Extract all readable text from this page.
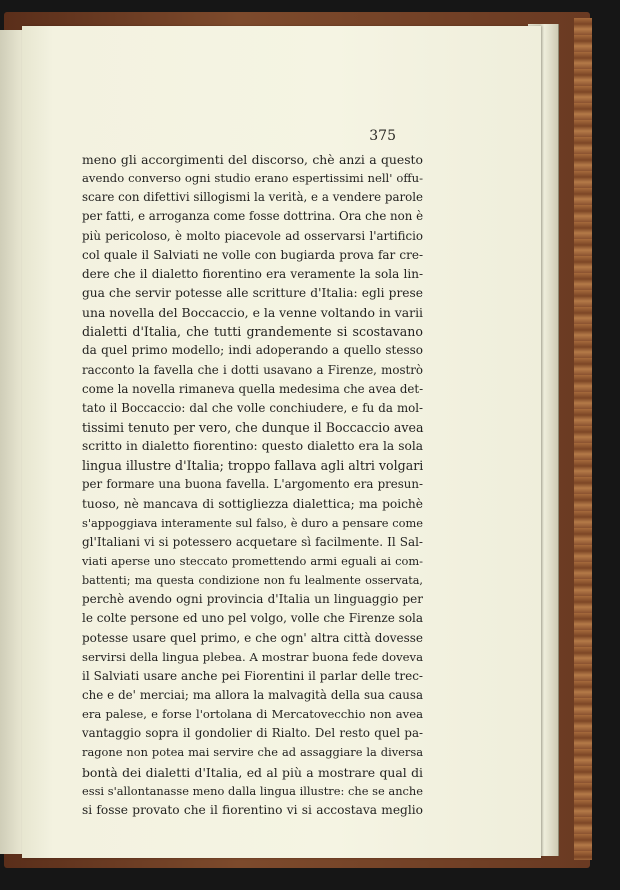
375
meno gli accorgimenti del discorso, chè anzi a questo
avendo converso ogni studio erano espertissimi nell' offu-
scare con difettivi sillogismi la verità, e a vendere parole
per fatti, e arroganza come fosse dottrina. Ora che non è
più pericoloso, è molto piacevole ad osservarsi l'artificio
col quale il Salviati ne volle con bugiarda prova far cre-
dere che il dialetto fiorentino era veramente la sola lin-
gua che servir potesse alle scritture d'Italia: egli prese
una novella del Boccaccio, e la venne voltando in varii
dialetti d'Italia, che tutti grandemente si scostavano
da quel primo modello; indi adoperando a quello stesso
racconto la favella che i dotti usavano a Firenze, mostrò
come la novella rimaneva quella medesima che avea det-
tato il Boccaccio: dal che volle conchiudere, e fu da mol-
tissimi tenuto per vero, che dunque il Boccaccio avea
scritto in dialetto fiorentino: questo dialetto era la sola
lingua illustre d'Italia; troppo fallava agli altri volgari
per formare una buona favella. L'argomento era presun-
tuoso, nè mancava di sottigliezza dialettica; ma poichè
s'appoggiava interamente sul falso, è duro a pensare come
gl'Italiani vi si potessero acquetare sì facilmente. Il Sal-
viati aperse uno steccato promettendo armi eguali ai com-
battenti; ma questa condizione non fu lealmente osservata,
perchè avendo ogni provincia d'Italia un linguaggio per
le colte persone ed uno pel volgo, volle che Firenze sola
potesse usare quel primo, e che ogn' altra città dovesse
servirsi della lingua plebea. A mostrar buona fede doveva
il Salviati usare anche pei Fiorentini il parlar delle trec-
che e de' merciai; ma allora la malvagità della sua causa
era palese, e forse l'ortolana di Mercatovecchio non avea
vantaggio sopra il gondolier di Rialto. Del resto quel pa-
ragone non potea mai servire che ad assaggiare la diversa
bontà dei dialetti d'Italia, ed al più a mostrare qual di
essi s'allontanasse meno dalla lingua illustre: che se anche
si fosse provato che il fiorentino vi si accostava meglio
